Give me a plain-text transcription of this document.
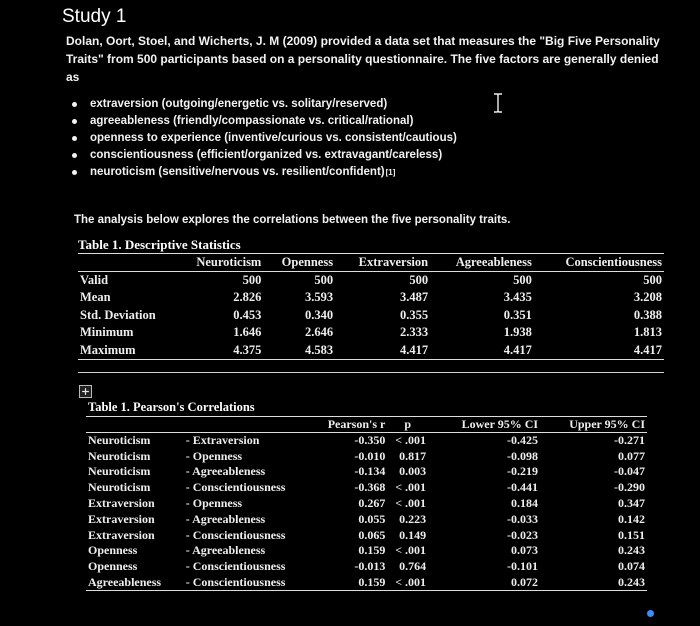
Study 1
Dolan, Oort, Stoel, and Wicherts, J. M (2009) provided a data set that measures the "Big Five Personality Traits" from 500 participants based on a personality questionnaire. The five factors are generally denied as
extraversion (outgoing/energetic vs. solitary/reserved)
agreeableness (friendly/compassionate vs. critical/rational)
openness to experience (inventive/curious vs. consistent/cautious)
conscientiousness (efficient/organized vs. extravagant/careless)
neuroticism (sensitive/nervous vs. resilient/confident) [1]
The analysis below explores the correlations between the five personality traits.
Table 1. Descriptive Statistics
	Neuroticism	Openness	Extraversion	Agreeableness	Conscientiousness
Valid	500	500	500	500	500
Mean	2.826	3.593	3.487	3.435	3.208
Std. Deviation	0.453	0.340	0.355	0.351	0.388
Minimum	1.646	2.646	2.333	1.938	1.813
Maximum	4.375	4.583	4.417	4.417	4.417
Table 1. Pearson's Correlations
		Pearson's r	p	Lower 95% CI	Upper 95% CI
Neuroticism	- Extraversion	-0.350	< .001	-0.425	-0.271
Neuroticism	- Openness	-0.010	0.817	-0.098	0.077
Neuroticism	- Agreeableness	-0.134	0.003	-0.219	-0.047
Neuroticism	- Conscientiousness	-0.368	< .001	-0.441	-0.290
Extraversion	- Openness	0.267	< .001	0.184	0.347
Extraversion	- Agreeableness	0.055	0.223	-0.033	0.142
Extraversion	- Conscientiousness	0.065	0.149	-0.023	0.151
Openness	- Agreeableness	0.159	< .001	0.073	0.243
Openness	- Conscientiousness	-0.013	0.764	-0.101	0.074
Agreeableness	- Conscientiousness	0.159	< .001	0.072	0.243
